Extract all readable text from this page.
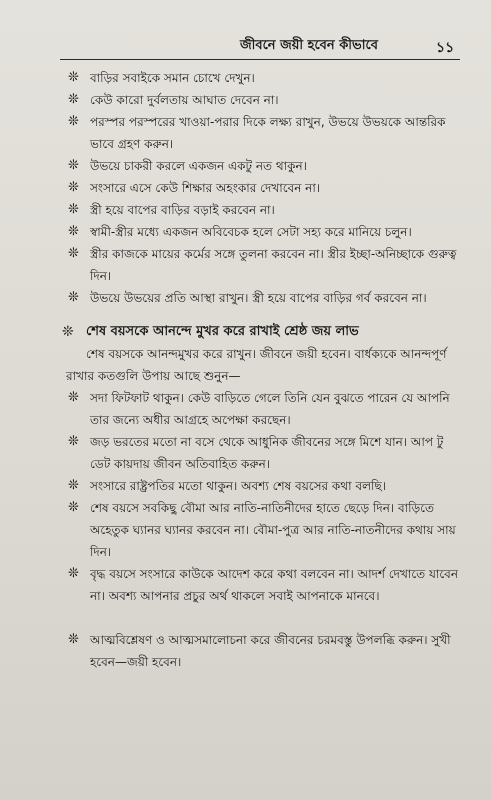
জীবনে জয়ী হবেন কীভাবে	১১
❊ বাড়ির সবাইকে সমান চোখে দেখুন।
❊ কেউ কারো দুর্বলতায় আঘাত দেবেন না।
❊ পরস্পর পরস্পরের খাওয়া-পরার দিকে লক্ষ্য রাখুন, উভয়ে উভয়কে আন্তরিক ভাবে গ্রহণ করুন।
❊ উভয়ে চাকরী করলে একজন একটু নত থাকুন।
❊ সংসারে এসে কেউ শিক্ষার অহংকার দেখাবেন না।
❊ স্ত্রী হয়ে বাপের বাড়ির বড়াই করবেন না।
❊ স্বামী-স্ত্রীর মধ্যে একজন অবিবেচক হলে সেটা সহ্য করে মানিয়ে চলুন।
❊ স্ত্রীর কাজকে মায়ের কর্মের সঙ্গে তুলনা করবেন না। স্ত্রীর ইচ্ছা-অনিচ্ছাকে গুরুত্ব দিন।
❊ উভয়ে উভয়ের প্রতি আস্থা রাখুন। স্ত্রী হয়ে বাপের বাড়ির গর্ব করবেন না।
❊ শেষ বয়সকে আনন্দে মুখর করে রাখাই শ্রেষ্ঠ জয় লাভ
শেষ বয়সকে আনন্দমুখর করে রাখুন। জীবনে জয়ী হবেন। বার্ধক্যকে আনন্দপূর্ণ রাখার কতগুলি উপায় আছে শুনুন—
❊ সদা ফিটফাট থাকুন। কেউ বাড়িতে গেলে তিনি যেন বুঝতে পারেন যে আপনি তার জন্যে অধীর আগ্রহে অপেক্ষা করছেন।
❊ জড় ভরতের মতো না বসে থেকে আধুনিক জীবনের সঙ্গে মিশে যান। আপ টু ডেট কায়দায় জীবন অতিবাহিত করুন।
❊ সংসারে রাষ্ট্রপতির মতো থাকুন। অবশ্য শেষ বয়সের কথা বলছি।
❊ শেষ বয়সে সবকিছু বৌমা আর নাতি-নাতিনীদের হাতে ছেড়ে দিন। বাড়িতে অহেতুক ঘ্যানর ঘ্যানর করবেন না। বৌমা-পুত্র আর নাতি-নাতনীদের কথায় সায় দিন।
❊ বৃদ্ধ বয়সে সংসারে কাউকে আদেশ করে কথা বলবেন না। আদর্শ দেখাতে যাবেন না। অবশ্য আপনার প্রচুর অর্থ থাকলে সবাই আপনাকে মানবে।
❊ আত্মবিশ্লেষণ ও আত্মসমালোচনা করে জীবনের চরমবস্তু উপলব্ধি করুন। সুখী হবেন—জয়ী হবেন।
